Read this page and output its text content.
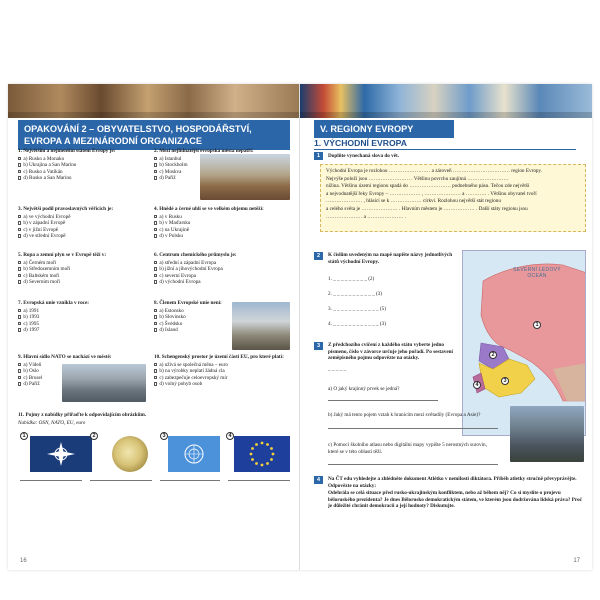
OPAKOVÁNÍ 2 – OBYVATELSTVO, HOSPODÁŘSTVÍ, EVROPA A MEZINÁRODNÍ ORGANIZACE
1. Největším a nejmenším státem Evropy je:
a) Rusko a Monako
b) Ukrajina a San Marino
c) Rusko a Vatikán
d) Rusko a San Marino
2. Mezi nejlidnatější evropská města nepatří:
a) Istanbul
b) Stockholm
c) Moskva
d) Paříž
3. Největší podíl pravoslavných věřících je:
a) ve východní Evropě
b) v západní Evropě
c) v jižní Evropě
d) ve střední Evropě
4. Hnědé a černé uhlí se ve velkém objemu netěží:
a) v Rusku
b) v Maďarsku
c) na Ukrajině
d) v Polsku
5. Ropa a zemní plyn se v Evropě těží v:
a) Černém moři
b) Středozemním moři
c) Baltském moři
d) Severním moři
6. Centrum chemického průmyslu je:
a) střední a západní Evropa
b) jižní a jihovýchodní Evropa
c) severní Evropa
d) východní Evropa
7. Evropská unie vznikla v roce:
a) 1991
b) 1993
c) 1995
d) 1997
8. Členem Evropské unie není:
a) Estonsko
b) Slovinsko
c) Švédsko
d) Island
9. Hlavní sídlo NATO se nachází ve městě:
a) Vídeň
b) Oslo
c) Brusel
d) Paříž
10. Schengenský prostor je území části EU, pro které platí:
a) užívá se společná měna – euro
b) na výrobky neplatí žádná cla
c) zabezpečuje celoevropský mír
d) volný pohyb osob
11. Pojmy z nabídky přiřaďte k odpovídajícím obrázkům.
Nabídka: OSN, NATO, EU, euro
1	2	3	4
16
V. REGIONY EVROPY
1. VÝCHODNÍ EVROPA
1	Doplňte vynechaná slova do vět.
Východní Evropa je rozlohou …………………… a zároveň …………………………… region Evropy.
Nejvýše položí jsou …………………… . Většinu povrchu zaujímá ……………………
nížina. Většinu území regionu spadá do …………………… podnebného pásu. Tečou zde největší
a nejvodnatější řeky Evropy – ……………… , ………………… a ………… . Většinu obyvatel tvoří
………………… , hlásící se k ……………… církvi. Rozlohou největší stát regionu
a celého světa je ………………… . Hlavním městem je ……………… . Další státy regionu jsou
………………… a ………………… .
2	K číslům uvedeným na mapě napište názvy jednotlivých států východní Evropy.
1. _ _ _ _ _ _ _ _ _ (2)
2. _ _ _ _ _ _ _ _ _ _ _ (3)
3. _ _ _ _ _ _ _ _ _ _ _ _ (5)
4. _ _ _ _ _ _ _ _ _ _ _ _ (3)
SEVERNÍ LEDOVÝ OCEÁN
1
2
3
4
3	Z předchozího cvičení z každého státu vyberte jedno písmeno, číslo v závorce určuje jeho pořadí. Po sestavení zeměpisného pojmu odpovězte na otázky.
_ _ _ _ _
a) O jaký krajinný prvek se jedná?
b) Jaký má tento pojem vztah k hranicím mezi světadíly (Evropa a Asie)?
c) Pomocí školního atlasu nebo digitální mapy vypište 5 nerostných surovin, které se v této oblasti těží.
4	Na ČT edu vyhledejte a zhlédněte dokument Atlétko v nemilosti diktátora. Příběh atletky stručně převyprávějte. Odpovězte na otázky:
Odehrála se celá situace před rusko-ukrajinským konfliktem, nebo až během něj? Co si myslíte o projevu běloruského prezidenta? Je dnes Bělorusko demokratickým státem, ve kterém jsou dodržována lidská práva? Proč je důležité chránit demokracii a její hodnoty? Diskutujte.
17
